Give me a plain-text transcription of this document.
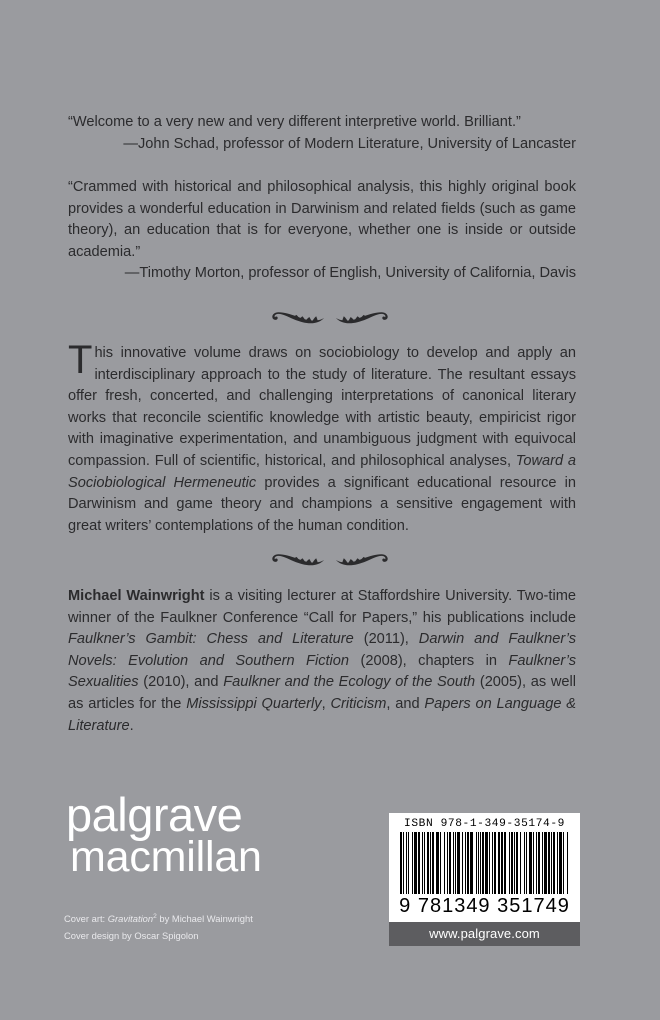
“Welcome to a very new and very different interpretive world. Brilliant.”

—John Schad, professor of Modern Literature, University of Lancaster

“Crammed with historical and philosophical analysis, this highly original book provides a wonderful education in Darwinism and related fields (such as game theory), an education that is for everyone, whether one is inside or outside academia.”

—Timothy Morton, professor of English, University of California, Davis

This innovative volume draws on sociobiology to develop and apply an interdisciplinary approach to the study of literature. The resultant essays offer fresh, concerted, and challenging interpretations of canonical literary works that reconcile scientific knowledge with artistic beauty, empiricist rigor with imaginative experimentation, and unambiguous judgment with equivocal compassion. Full of scientific, historical, and philosophical analyses, Toward a Sociobiological Hermeneutic provides a significant educational resource in Darwinism and game theory and champions a sensitive engagement with great writers’ contemplations of the human condition.

Michael Wainwright is a visiting lecturer at Staffordshire University. Two-time winner of the Faulkner Conference “Call for Papers,” his publications include Faulkner’s Gambit: Chess and Literature (2011), Darwin and Faulkner’s Novels: Evolution and Southern Fiction (2008), chapters in Faulkner’s Sexualities (2010), and Faulkner and the Ecology of the South (2005), as well as articles for the Mississippi Quarterly, Criticism, and Papers on Language & Literature.

palgrave
macmillan
Cover art: Gravitation$^2$ by Michael Wainwright
Cover design by Oscar Spigolon
ISBN 978-1-349-35174-9
9 781349 351749
www.palgrave.com
